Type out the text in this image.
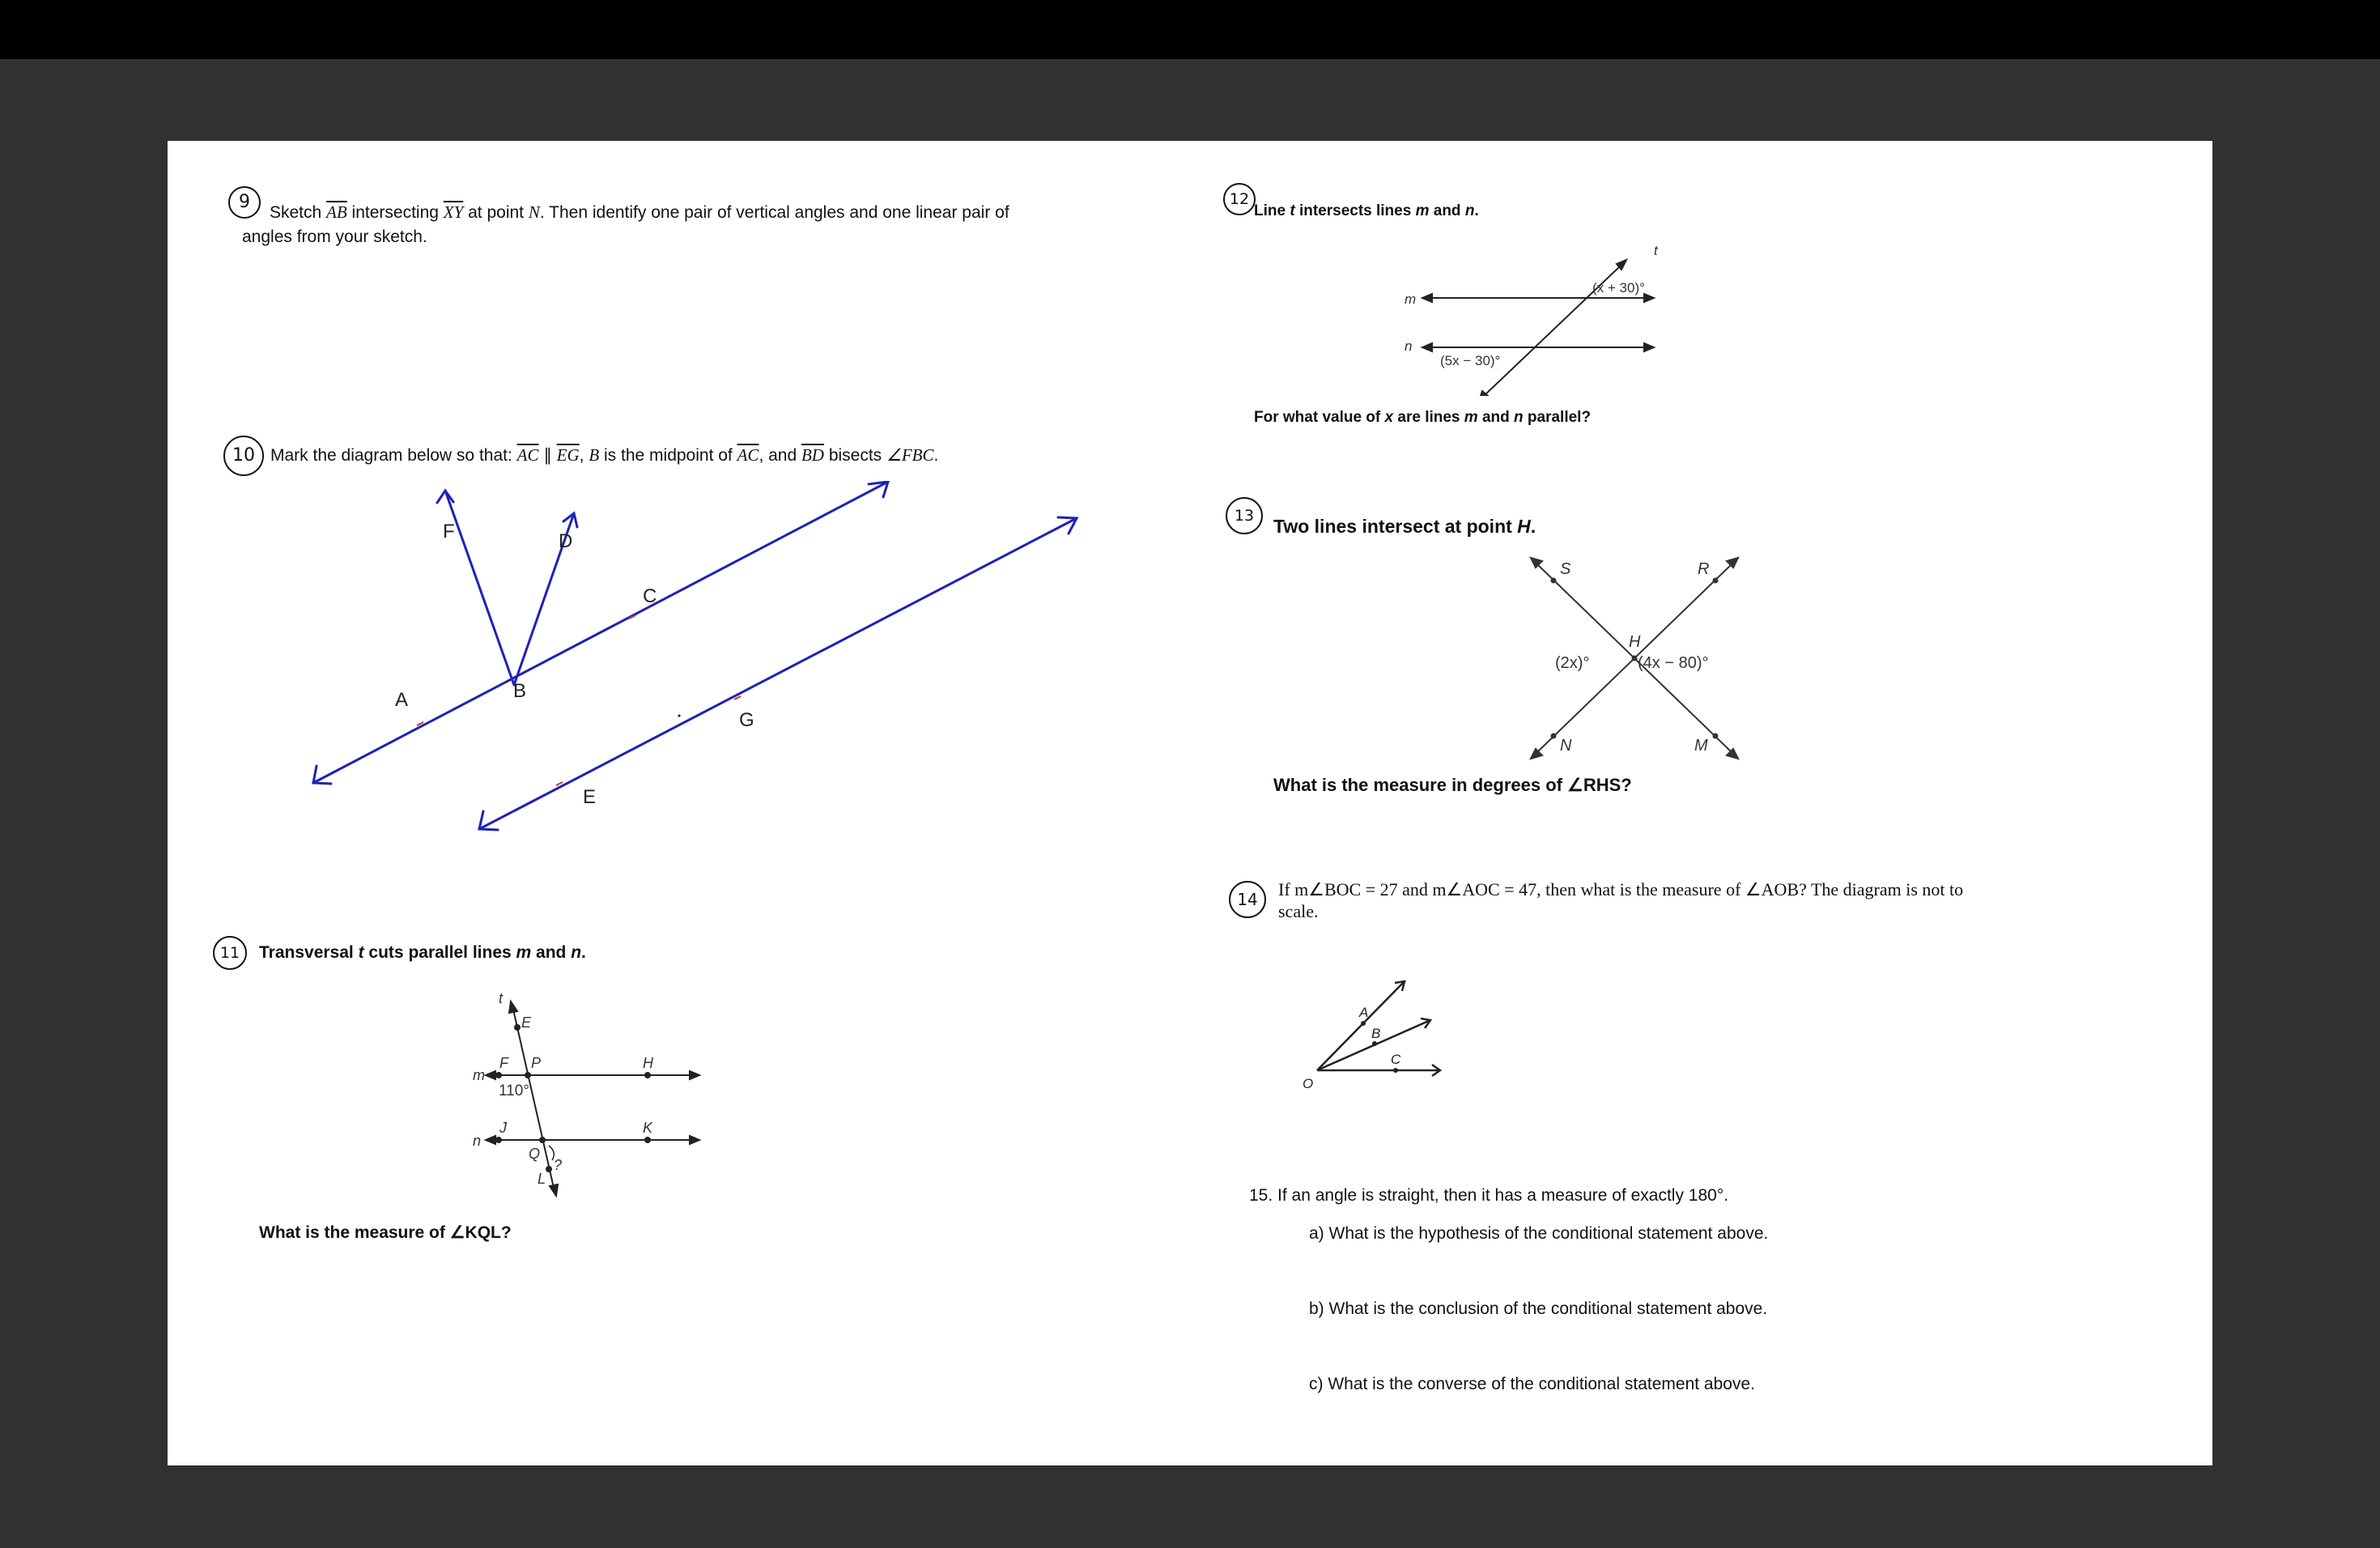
9
Sketch $\overline{AB}$ intersecting $\overline{XY}$ at point N. Then identify one pair of vertical angles and one linear pair of
angles from your sketch.
10 Mark the diagram below so that: $\overline{AC}$ ∥ $\overline{EG}$, B is the midpoint of $\overline{AC}$, and $\overline{BD}$ bisects ∠FBC.
F	D
C
A	B
G
E
11	Transversal t cuts parallel lines m and n.
t
E
F P	H
m
J	K
n
Q
?
L
110°
What is the measure of ∠KQL?
12
Line t intersects lines m and n.
t
m
n
(x + 30)°
(5x − 30)°
For what value of x are lines m and n parallel?
13	Two lines intersect at point H.
S	R
H
N	M
(2x)°	(4x − 80)°
What is the measure in degrees of ∠RHS?
14	If m∠BOC = 27 and m∠AOC = 47, then what is the measure of ∠AOB? The diagram is not to
scale.
A
B
C
O
15. If an angle is straight, then it has a measure of exactly 180°.
a) What is the hypothesis of the conditional statement above.
b) What is the conclusion of the conditional statement above.
c) What is the converse of the conditional statement above.
